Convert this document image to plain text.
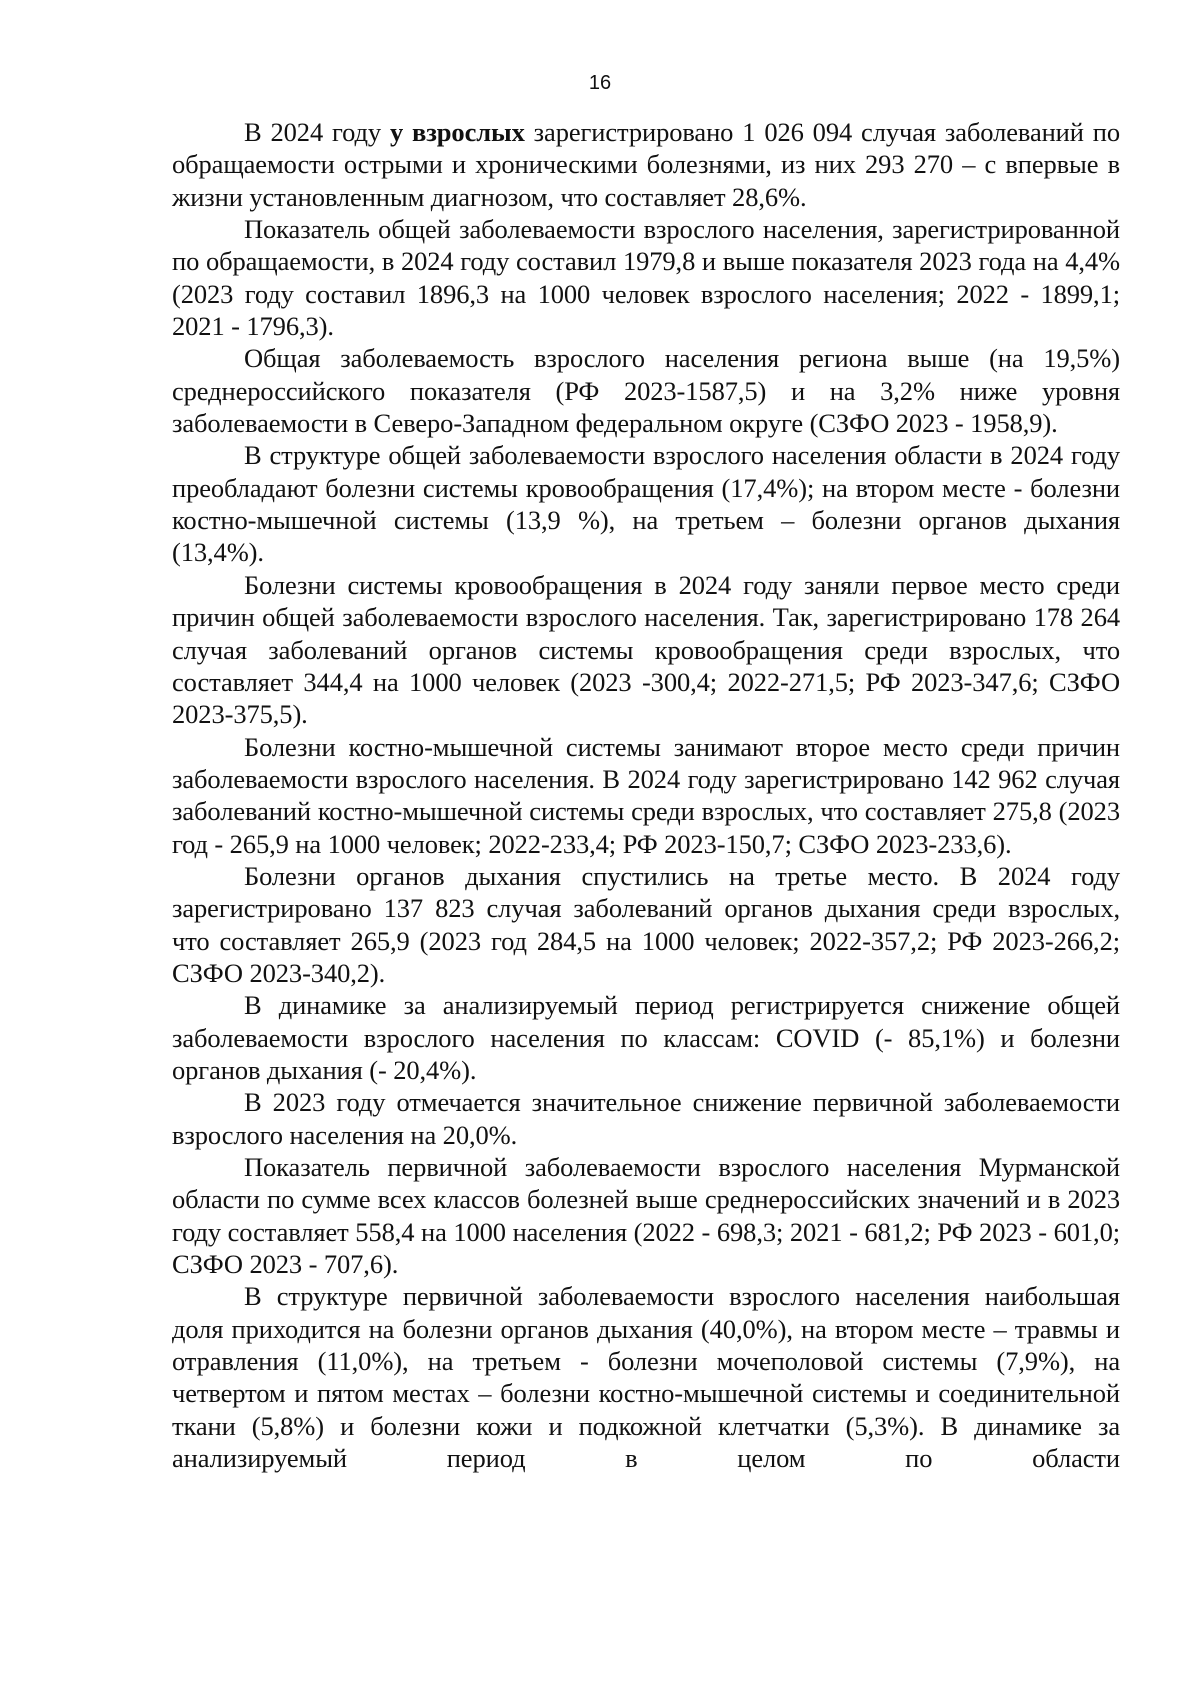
16

В 2024 году у взрослых зарегистрировано 1 026 094 случая заболеваний по обращаемости острыми и хроническими болезнями, из них 293 270 – с впервые в жизни установленным диагнозом, что составляет 28,6%.

Показатель общей заболеваемости взрослого населения, зарегистрированной по обращаемости, в 2024 году составил 1979,8 и выше показателя 2023 года на 4,4% (2023 году составил 1896,3 на 1000 человек взрослого населения; 2022 - 1899,1; 2021 - 1796,3).

Общая заболеваемость взрослого населения региона выше (на 19,5%) среднероссийского показателя (РФ 2023-1587,5) и на 3,2% ниже уровня заболеваемости в Северо-Западном федеральном округе (СЗФО 2023 - 1958,9).

В структуре общей заболеваемости взрослого населения области в 2024 году преобладают болезни системы кровообращения (17,4%); на втором месте - болезни костно-мышечной системы (13,9 %), на третьем – болезни органов дыхания (13,4%).

Болезни системы кровообращения в 2024 году заняли первое место среди причин общей заболеваемости взрослого населения. Так, зарегистрировано 178 264 случая заболеваний органов системы кровообращения среди взрослых, что составляет 344,4 на 1000 человек (2023 -300,4; 2022-271,5; РФ 2023-347,6; СЗФО 2023-375,5).

Болезни костно-мышечной системы занимают второе место среди причин заболеваемости взрослого населения. В 2024 году зарегистрировано 142 962 случая заболеваний костно-мышечной системы среди взрослых, что составляет 275,8 (2023 год - 265,9 на 1000 человек; 2022-233,4; РФ 2023-150,7; СЗФО 2023-233,6).

Болезни органов дыхания спустились на третье место. В 2024 году зарегистрировано 137 823 случая заболеваний органов дыхания среди взрослых, что составляет 265,9 (2023 год 284,5 на 1000 человек; 2022-357,2; РФ 2023-266,2; СЗФО 2023-340,2).

В динамике за анализируемый период регистрируется снижение общей заболеваемости взрослого населения по классам: COVID (- 85,1%) и болезни органов дыхания (- 20,4%).

В 2023 году отмечается значительное снижение первичной заболеваемости взрослого населения на 20,0%.

Показатель первичной заболеваемости взрослого населения Мурманской области по сумме всех классов болезней выше среднероссийских значений и в 2023 году составляет 558,4 на 1000 населения (2022 - 698,3; 2021 - 681,2; РФ 2023 - 601,0; СЗФО 2023 - 707,6).

В структуре первичной заболеваемости взрослого населения наибольшая доля приходится на болезни органов дыхания (40,0%), на втором месте – травмы и отравления (11,0%), на третьем - болезни мочеполовой системы (7,9%), на четвертом и пятом местах – болезни костно-мышечной системы и соединительной ткани (5,8%) и болезни кожи и подкожной клетчатки (5,3%). В динамике за анализируемый период в целом по области
